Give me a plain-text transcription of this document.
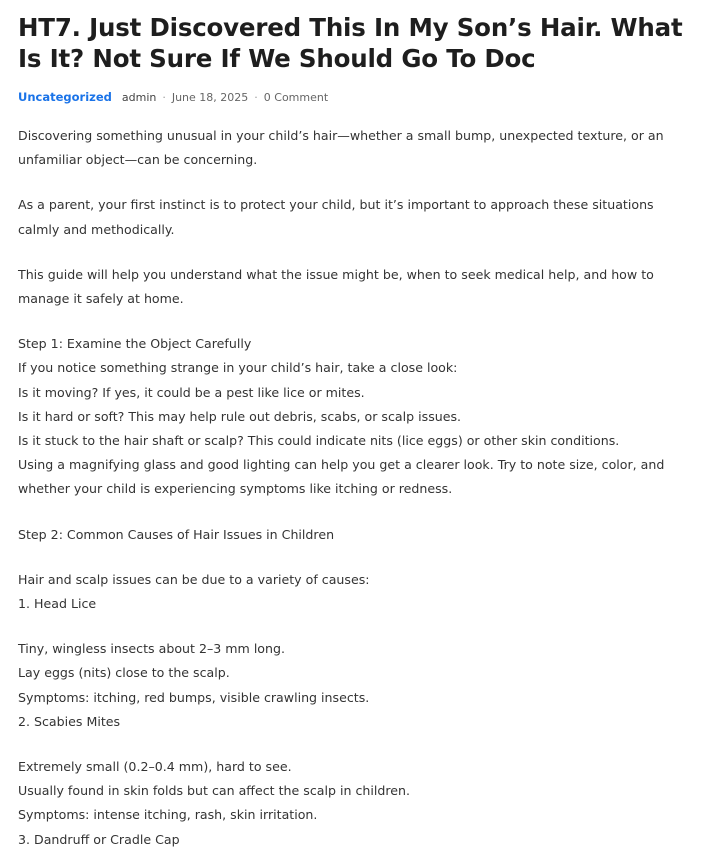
HT7. Just Discovered This In My Son’s Hair. What Is It? Not Sure If We Should Go To Doc
Uncategorized admin · June 18, 2025 · 0 Comment

Discovering something unusual in your child’s hair—whether a small bump, unexpected texture, or an unfamiliar object—can be concerning.

As a parent, your first instinct is to protect your child, but it’s important to approach these situations calmly and methodically.

This guide will help you understand what the issue might be, when to seek medical help, and how to manage it safely at home.

Step 1: Examine the Object Carefully

If you notice something strange in your child’s hair, take a close look:

Is it moving? If yes, it could be a pest like lice or mites.

Is it hard or soft? This may help rule out debris, scabs, or scalp issues.

Is it stuck to the hair shaft or scalp? This could indicate nits (lice eggs) or other skin conditions.

Using a magnifying glass and good lighting can help you get a clearer look. Try to note size, color, and whether your child is experiencing symptoms like itching or redness.

Step 2: Common Causes of Hair Issues in Children

Hair and scalp issues can be due to a variety of causes:

1. Head Lice

Tiny, wingless insects about 2–3 mm long.

Lay eggs (nits) close to the scalp.

Symptoms: itching, red bumps, visible crawling insects.

2. Scabies Mites

Extremely small (0.2–0.4 mm), hard to see.

Usually found in skin folds but can affect the scalp in children.

Symptoms: intense itching, rash, skin irritation.

3. Dandruff or Cradle Cap
